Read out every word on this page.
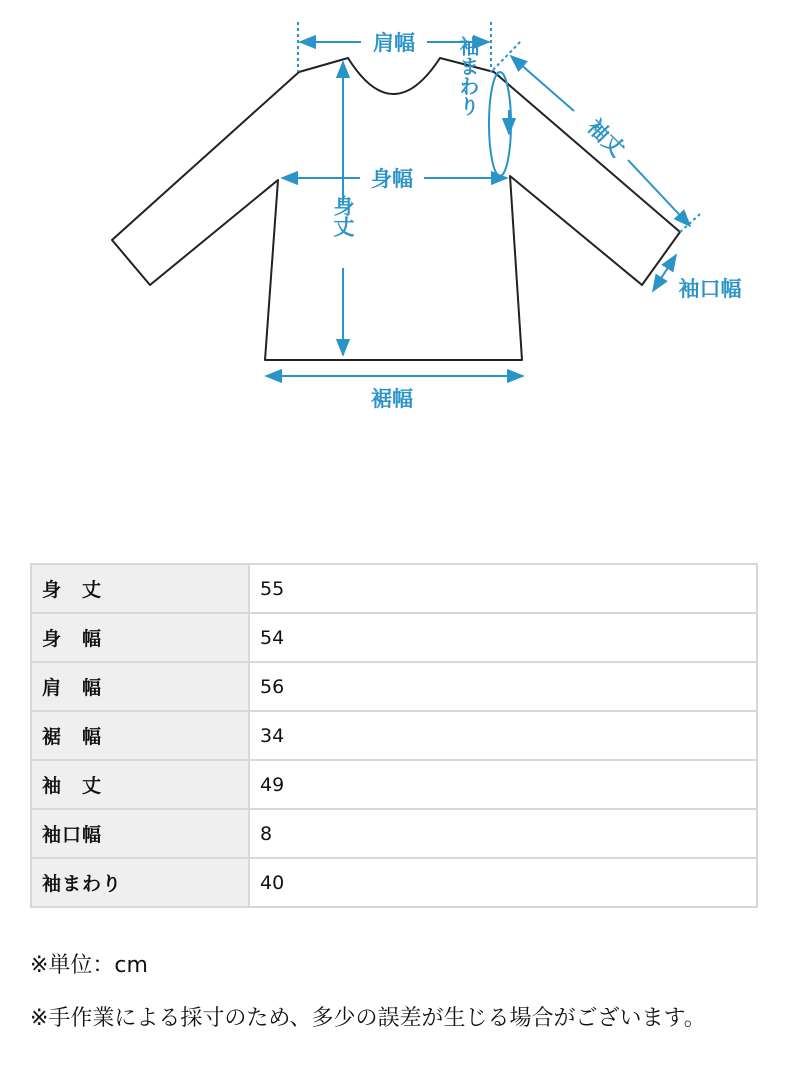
肩幅
身幅
身丈
裾幅
袖丈
袖口幅
袖まわり
身　丈	55
身　幅	54
肩　幅	56
裾　幅	34
袖　丈	49
袖口幅	8
袖まわり	40

※単位：cm

※手作業による採寸のため、多少の誤差が生じる場合がございます。
